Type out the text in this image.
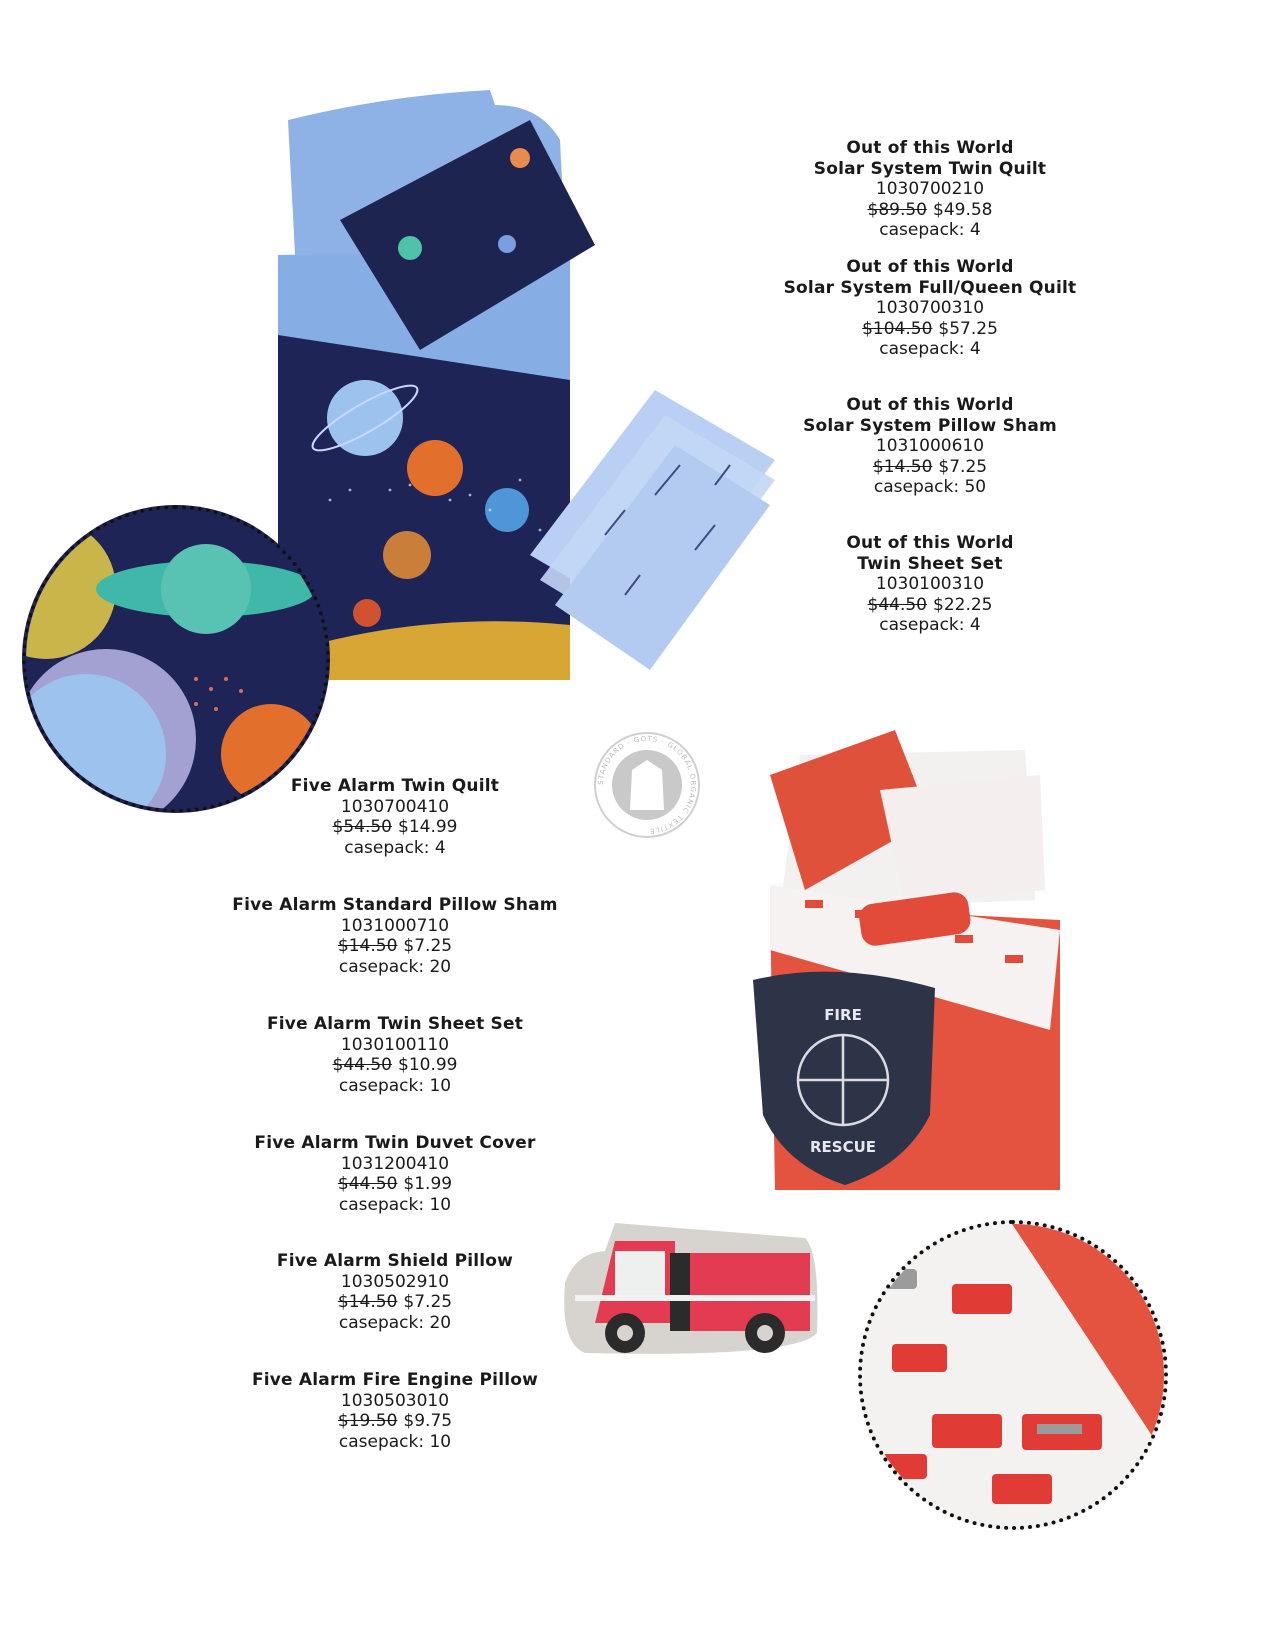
Out of this World
Solar System Twin Quilt
1030700210
$89.50 $49.58
casepack: 4
Out of this World
Solar System Full/Queen Quilt
1030700310
$104.50 $57.25
casepack: 4
Out of this World
Solar System Pillow Sham
1031000610
$14.50 $7.25
casepack: 50
Out of this World
Twin Sheet Set
1030100310
$44.50 $22.25
casepack: 4
STANDARD · GOTS · GLOBAL ORGANIC TEXTILE
FIRE
RESCUE
Five Alarm Twin Quilt
1030700410
$54.50 $14.99
casepack: 4
Five Alarm Standard Pillow Sham
1031000710
$14.50 $7.25
casepack: 20
Five Alarm Twin Sheet Set
1030100110
$44.50 $10.99
casepack: 10
Five Alarm Twin Duvet Cover
1031200410
$44.50 $1.99
casepack: 10
Five Alarm Shield Pillow
1030502910
$14.50 $7.25
casepack: 20
Five Alarm Fire Engine Pillow
1030503010
$19.50 $9.75
casepack: 10
